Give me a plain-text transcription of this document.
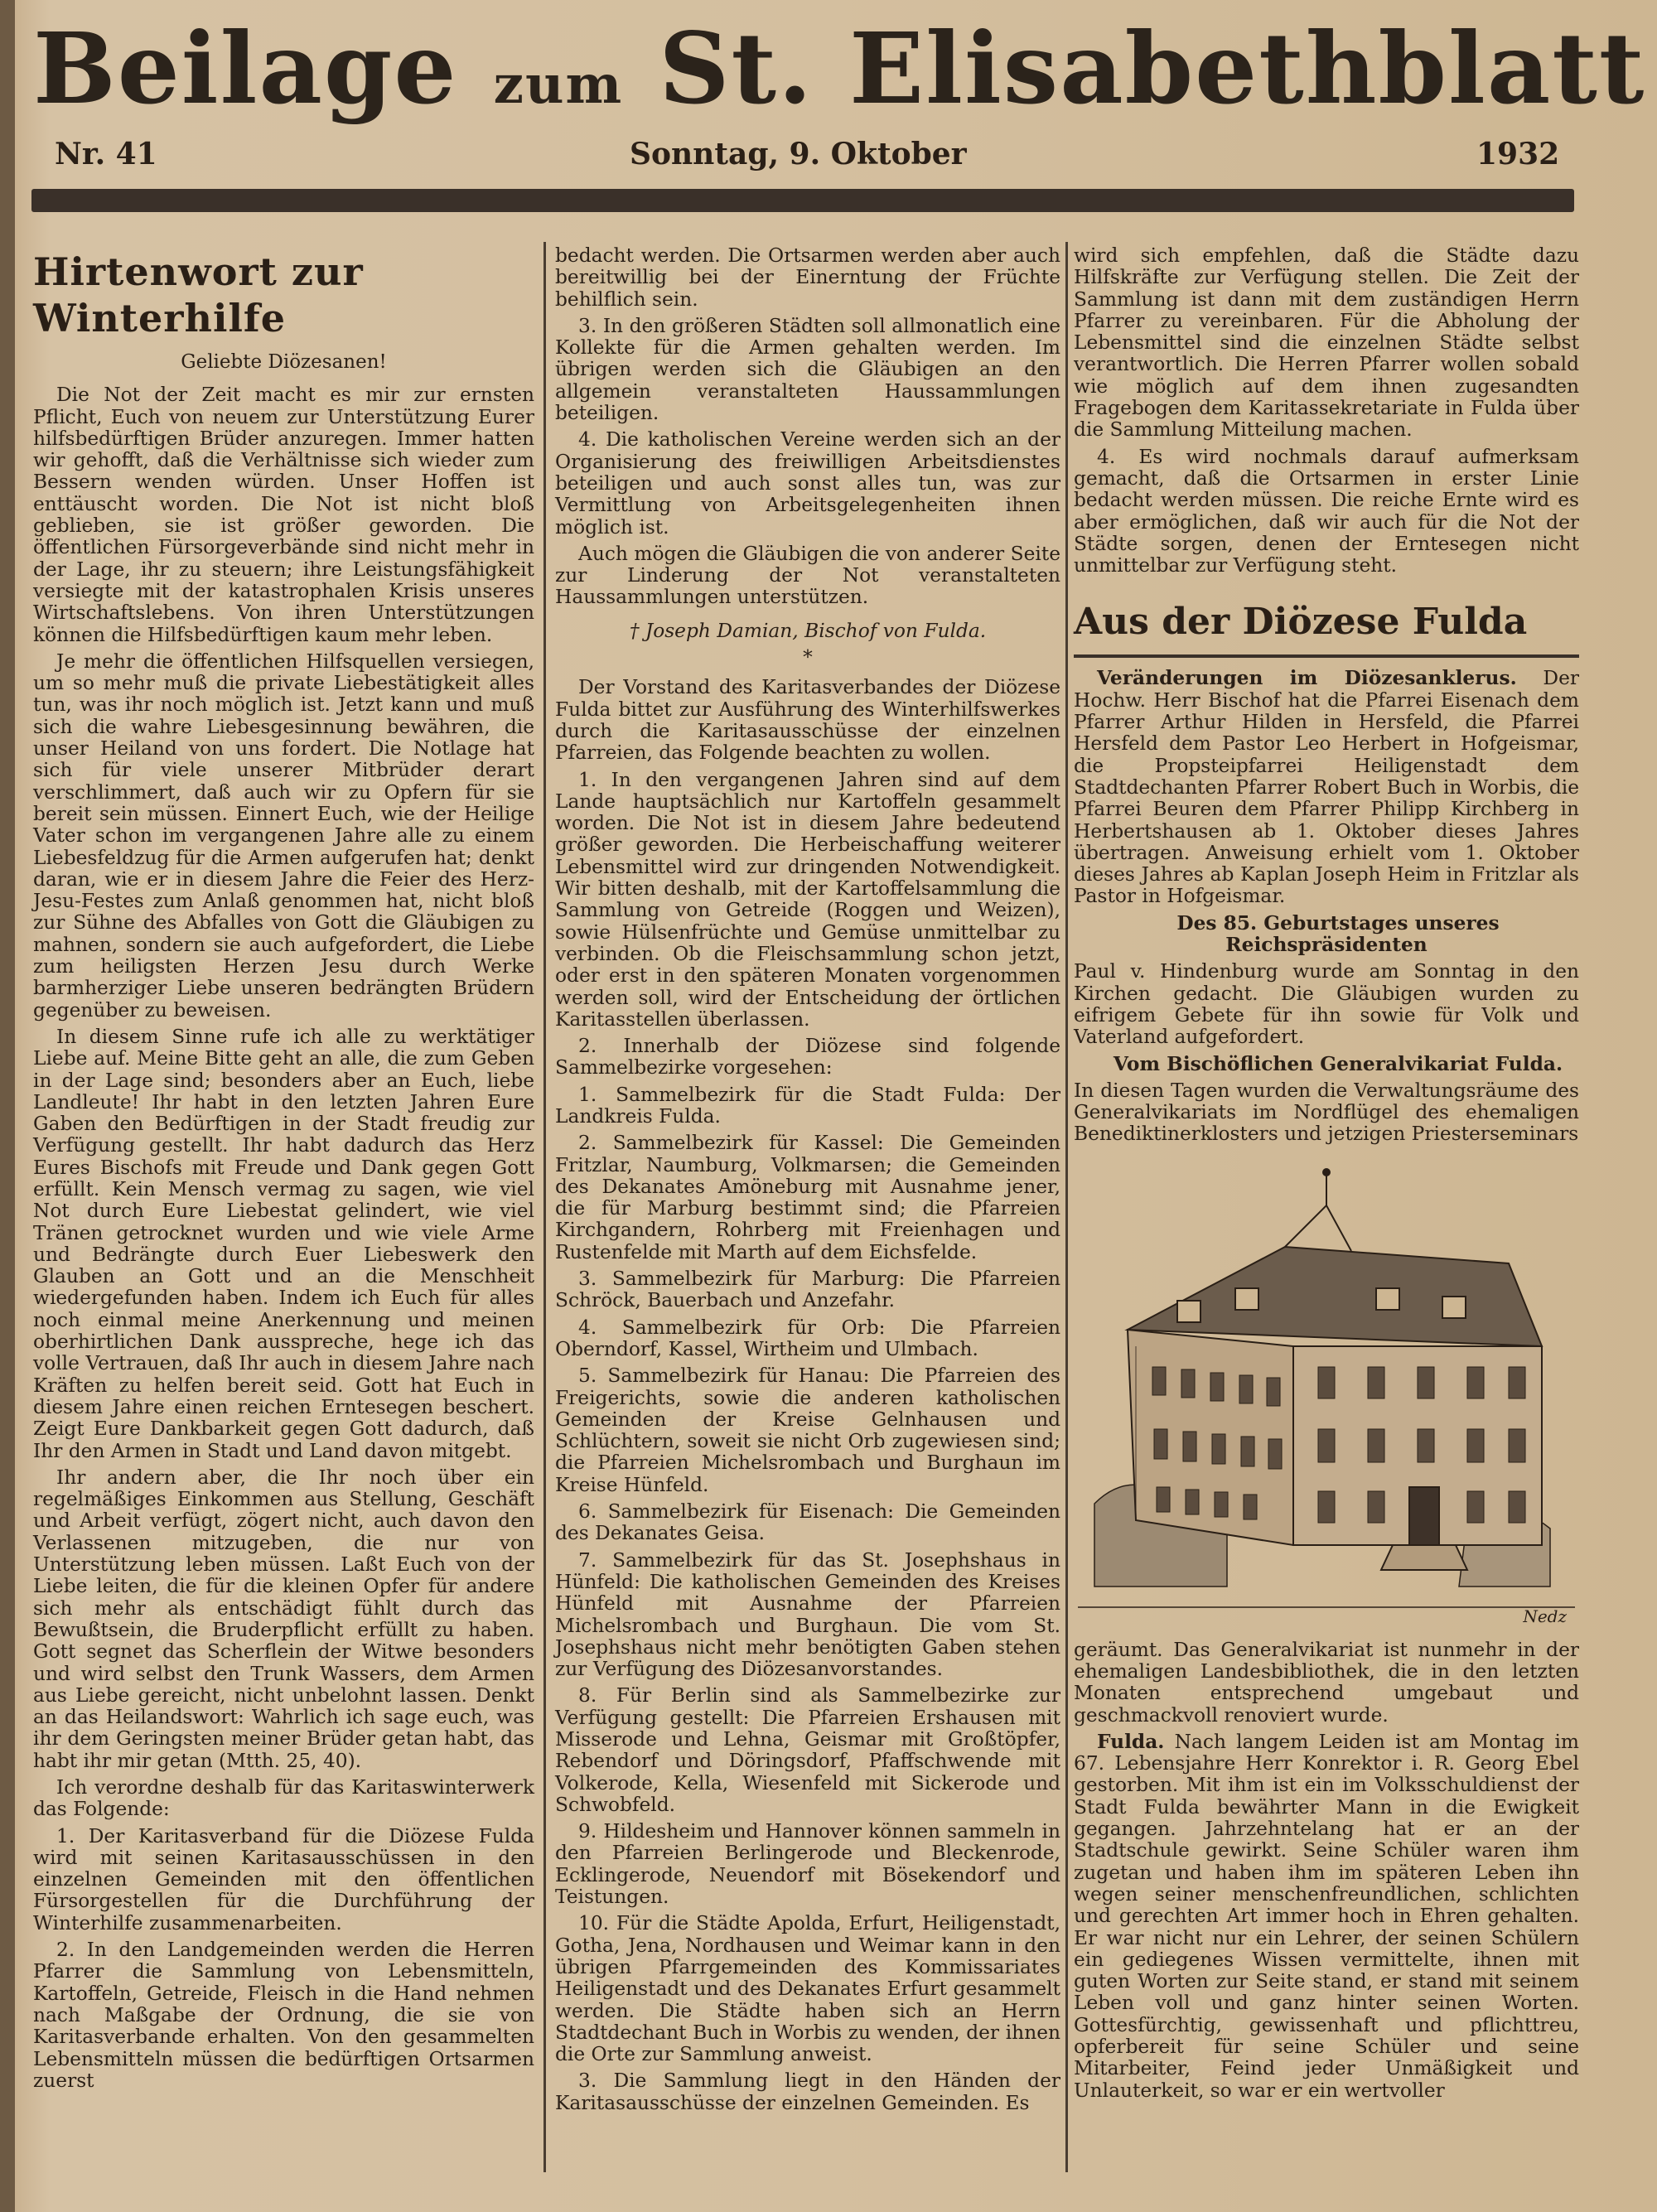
Beilage zum St. Elisabethblatt
Nr. 41	Sonntag, 9. Oktober	1932
Hirtenwort zur Winterhilfe
Geliebte Diözesanen!

Die Not der Zeit macht es mir zur ernsten Pflicht, Euch von neuem zur Unterstützung Eurer hilfsbedürftigen Brüder anzuregen. Immer hatten wir gehofft, daß die Verhältnisse sich wieder zum Bessern wenden würden. Unser Hoffen ist enttäuscht worden. Die Not ist nicht bloß geblieben, sie ist größer geworden. Die öffentlichen Fürsorgeverbände sind nicht mehr in der Lage, ihr zu steuern; ihre Leistungsfähigkeit versiegte mit der katastrophalen Krisis unseres Wirtschaftslebens. Von ihren Unterstützungen können die Hilfsbedürftigen kaum mehr leben.

Je mehr die öffentlichen Hilfsquellen versiegen, um so mehr muß die private Liebestätigkeit alles tun, was ihr noch möglich ist. Jetzt kann und muß sich die wahre Liebesgesinnung bewähren, die unser Heiland von uns fordert. Die Notlage hat sich für viele unserer Mitbrüder derart verschlimmert, daß auch wir zu Opfern für sie bereit sein müssen. Einnert Euch, wie der Heilige Vater schon im vergangenen Jahre alle zu einem Liebesfeldzug für die Armen aufgerufen hat; denkt daran, wie er in diesem Jahre die Feier des Herz-Jesu-Festes zum Anlaß genommen hat, nicht bloß zur Sühne des Abfalles von Gott die Gläubigen zu mahnen, sondern sie auch aufgefordert, die Liebe zum heiligsten Herzen Jesu durch Werke barmherziger Liebe unseren bedrängten Brüdern gegenüber zu beweisen.

In diesem Sinne rufe ich alle zu werktätiger Liebe auf. Meine Bitte geht an alle, die zum Geben in der Lage sind; besonders aber an Euch, liebe Landleute! Ihr habt in den letzten Jahren Eure Gaben den Bedürftigen in der Stadt freudig zur Verfügung gestellt. Ihr habt dadurch das Herz Eures Bischofs mit Freude und Dank gegen Gott erfüllt. Kein Mensch vermag zu sagen, wie viel Not durch Eure Liebestat gelindert, wie viel Tränen getrocknet wurden und wie viele Arme und Bedrängte durch Euer Liebeswerk den Glauben an Gott und an die Menschheit wiedergefunden haben. Indem ich Euch für alles noch einmal meine Anerkennung und meinen oberhirtlichen Dank ausspreche, hege ich das volle Vertrauen, daß Ihr auch in diesem Jahre nach Kräften zu helfen bereit seid. Gott hat Euch in diesem Jahre einen reichen Erntesegen beschert. Zeigt Eure Dankbarkeit gegen Gott dadurch, daß Ihr den Armen in Stadt und Land davon mitgebt.

Ihr andern aber, die Ihr noch über ein regelmäßiges Einkommen aus Stellung, Geschäft und Arbeit verfügt, zögert nicht, auch davon den Verlassenen mitzugeben, die nur von Unterstützung leben müssen. Laßt Euch von der Liebe leiten, die für die kleinen Opfer für andere sich mehr als entschädigt fühlt durch das Bewußtsein, die Bruderpflicht erfüllt zu haben. Gott segnet das Scherflein der Witwe besonders und wird selbst den Trunk Wassers, dem Armen aus Liebe gereicht, nicht unbelohnt lassen. Denkt an das Heilandswort: Wahrlich ich sage euch, was ihr dem Geringsten meiner Brüder getan habt, das habt ihr mir getan (Mtth. 25, 40).

Ich verordne deshalb für das Karitaswinterwerk das Folgende:

1. Der Karitasverband für die Diözese Fulda wird mit seinen Karitasausschüssen in den einzelnen Gemeinden mit den öffentlichen Fürsorgestellen für die Durchführung der Winterhilfe zusammenarbeiten.

2. In den Landgemeinden werden die Herren Pfarrer die Sammlung von Lebensmitteln, Kartoffeln, Getreide, Fleisch in die Hand nehmen nach Maßgabe der Ordnung, die sie von Karitasverbande erhalten. Von den gesammelten Lebensmitteln müssen die bedürftigen Ortsarmen zuerst

bedacht werden. Die Ortsarmen werden aber auch bereitwillig bei der Einerntung der Früchte behilflich sein.

3. In den größeren Städten soll allmonatlich eine Kollekte für die Armen gehalten werden. Im übrigen werden sich die Gläubigen an den allgemein veranstalteten Haussammlungen beteiligen.

4. Die katholischen Vereine werden sich an der Organisierung des freiwilligen Arbeitsdienstes beteiligen und auch sonst alles tun, was zur Vermittlung von Arbeitsgelegenheiten ihnen möglich ist.

Auch mögen die Gläubigen die von anderer Seite zur Linderung der Not veranstalteten Haussammlungen unterstützen.

† Joseph Damian, Bischof von Fulda.
*

Der Vorstand des Karitasverbandes der Diözese Fulda bittet zur Ausführung des Winterhilfswerkes durch die Karitasausschüsse der einzelnen Pfarreien, das Folgende beachten zu wollen.

1. In den vergangenen Jahren sind auf dem Lande hauptsächlich nur Kartoffeln gesammelt worden. Die Not ist in diesem Jahre bedeutend größer geworden. Die Herbeischaffung weiterer Lebensmittel wird zur dringenden Notwendigkeit. Wir bitten deshalb, mit der Kartoffelsammlung die Sammlung von Getreide (Roggen und Weizen), sowie Hülsenfrüchte und Gemüse unmittelbar zu verbinden. Ob die Fleischsammlung schon jetzt, oder erst in den späteren Monaten vorgenommen werden soll, wird der Entscheidung der örtlichen Karitasstellen überlassen.

2. Innerhalb der Diözese sind folgende Sammelbezirke vorgesehen:

1. Sammelbezirk für die Stadt Fulda: Der Landkreis Fulda.

2. Sammelbezirk für Kassel: Die Gemeinden Fritzlar, Naumburg, Volkmarsen; die Gemeinden des Dekanates Amöneburg mit Ausnahme jener, die für Marburg bestimmt sind; die Pfarreien Kirchgandern, Rohrberg mit Freienhagen und Rustenfelde mit Marth auf dem Eichsfelde.

3. Sammelbezirk für Marburg: Die Pfarreien Schröck, Bauerbach und Anzefahr.

4. Sammelbezirk für Orb: Die Pfarreien Oberndorf, Kassel, Wirtheim und Ulmbach.

5. Sammelbezirk für Hanau: Die Pfarreien des Freigerichts, sowie die anderen katholischen Gemeinden der Kreise Gelnhausen und Schlüchtern, soweit sie nicht Orb zugewiesen sind; die Pfarreien Michelsrombach und Burghaun im Kreise Hünfeld.

6. Sammelbezirk für Eisenach: Die Gemeinden des Dekanates Geisa.

7. Sammelbezirk für das St. Josephshaus in Hünfeld: Die katholischen Gemeinden des Kreises Hünfeld mit Ausnahme der Pfarreien Michelsrombach und Burghaun. Die vom St. Josephshaus nicht mehr benötigten Gaben stehen zur Verfügung des Diözesanvorstandes.

8. Für Berlin sind als Sammelbezirke zur Verfügung gestellt: Die Pfarreien Ershausen mit Misserode und Lehna, Geismar mit Großtöpfer, Rebendorf und Döringsdorf, Pfaffschwende mit Volkerode, Kella, Wiesenfeld mit Sickerode und Schwobfeld.

9. Hildesheim und Hannover können sammeln in den Pfarreien Berlingerode und Bleckenrode, Ecklingerode, Neuendorf mit Bösekendorf und Teistungen.

10. Für die Städte Apolda, Erfurt, Heiligenstadt, Gotha, Jena, Nordhausen und Weimar kann in den übrigen Pfarrgemeinden des Kommissariates Heiligenstadt und des Dekanates Erfurt gesammelt werden. Die Städte haben sich an Herrn Stadtdechant Buch in Worbis zu wenden, der ihnen die Orte zur Sammlung anweist.

3. Die Sammlung liegt in den Händen der Karitasausschüsse der einzelnen Gemeinden. Es

wird sich empfehlen, daß die Städte dazu Hilfskräfte zur Verfügung stellen. Die Zeit der Sammlung ist dann mit dem zuständigen Herrn Pfarrer zu vereinbaren. Für die Abholung der Lebensmittel sind die einzelnen Städte selbst verantwortlich. Die Herren Pfarrer wollen sobald wie möglich auf dem ihnen zugesandten Fragebogen dem Karitassekretariate in Fulda über die Sammlung Mitteilung machen.

4. Es wird nochmals darauf aufmerksam gemacht, daß die Ortsarmen in erster Linie bedacht werden müssen. Die reiche Ernte wird es aber ermöglichen, daß wir auch für die Not der Städte sorgen, denen der Erntesegen nicht unmittelbar zur Verfügung steht.

Aus der Diözese Fulda

Veränderungen im Diözesanklerus. Der Hochw. Herr Bischof hat die Pfarrei Eisenach dem Pfarrer Arthur Hilden in Hersfeld, die Pfarrei Hersfeld dem Pastor Leo Herbert in Hofgeismar, die Propsteipfarrei Heiligenstadt dem Stadtdechanten Pfarrer Robert Buch in Worbis, die Pfarrei Beuren dem Pfarrer Philipp Kirchberg in Herbertshausen ab 1. Oktober dieses Jahres übertragen. Anweisung erhielt vom 1. Oktober dieses Jahres ab Kaplan Joseph Heim in Fritzlar als Pastor in Hofgeismar.

Des 85. Geburtstages unseres Reichspräsidenten

Paul v. Hindenburg wurde am Sonntag in den Kirchen gedacht. Die Gläubigen wurden zu eifrigem Gebete für ihn sowie für Volk und Vaterland aufgefordert.

Vom Bischöflichen Generalvikariat Fulda.

In diesen Tagen wurden die Verwaltungsräume des Generalvikariats im Nordflügel des ehemaligen Benediktinerklosters und jetzigen Priesterseminars

Nedz

geräumt. Das Generalvikariat ist nunmehr in der ehemaligen Landesbibliothek, die in den letzten Monaten entsprechend umgebaut und geschmackvoll renoviert wurde.

Fulda. Nach langem Leiden ist am Montag im 67. Lebensjahre Herr Konrektor i. R. Georg Ebel gestorben. Mit ihm ist ein im Volksschuldienst der Stadt Fulda bewährter Mann in die Ewigkeit gegangen. Jahrzehntelang hat er an der Stadtschule gewirkt. Seine Schüler waren ihm zugetan und haben ihm im späteren Leben ihn wegen seiner menschenfreundlichen, schlichten und gerechten Art immer hoch in Ehren gehalten. Er war nicht nur ein Lehrer, der seinen Schülern ein gediegenes Wissen vermittelte, ihnen mit guten Worten zur Seite stand, er stand mit seinem Leben voll und ganz hinter seinen Worten. Gottesfürchtig, gewissenhaft und pflichttreu, opferbereit für seine Schüler und seine Mitarbeiter, Feind jeder Unmäßigkeit und Unlauterkeit, so war er ein wertvoller
